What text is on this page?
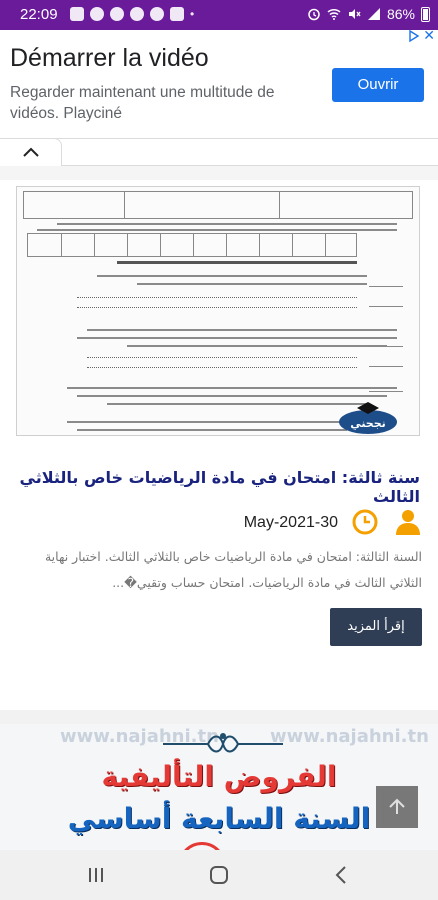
22:09	•	86%
Démarrer la vidéo
Regarder maintenant une multitude de vidéos. Playciné
Ouvrir
✕
نجحني
سنة ثالثة: امتحان في مادة الرياضيات خاص بالثلاثي الثالث
May-2021-30
السنة الثالثة: امتحان في مادة الرياضيات خاص بالثلاثي الثالث. اختبار نهاية الثلاثي الثالث في مادة الرياضيات. امتحان حساب وتقيي�...
إقرأ المزيد
www.najahni.tn	www.najahni.tn
الفروض التأليفية
السنة السابعة أساسي
